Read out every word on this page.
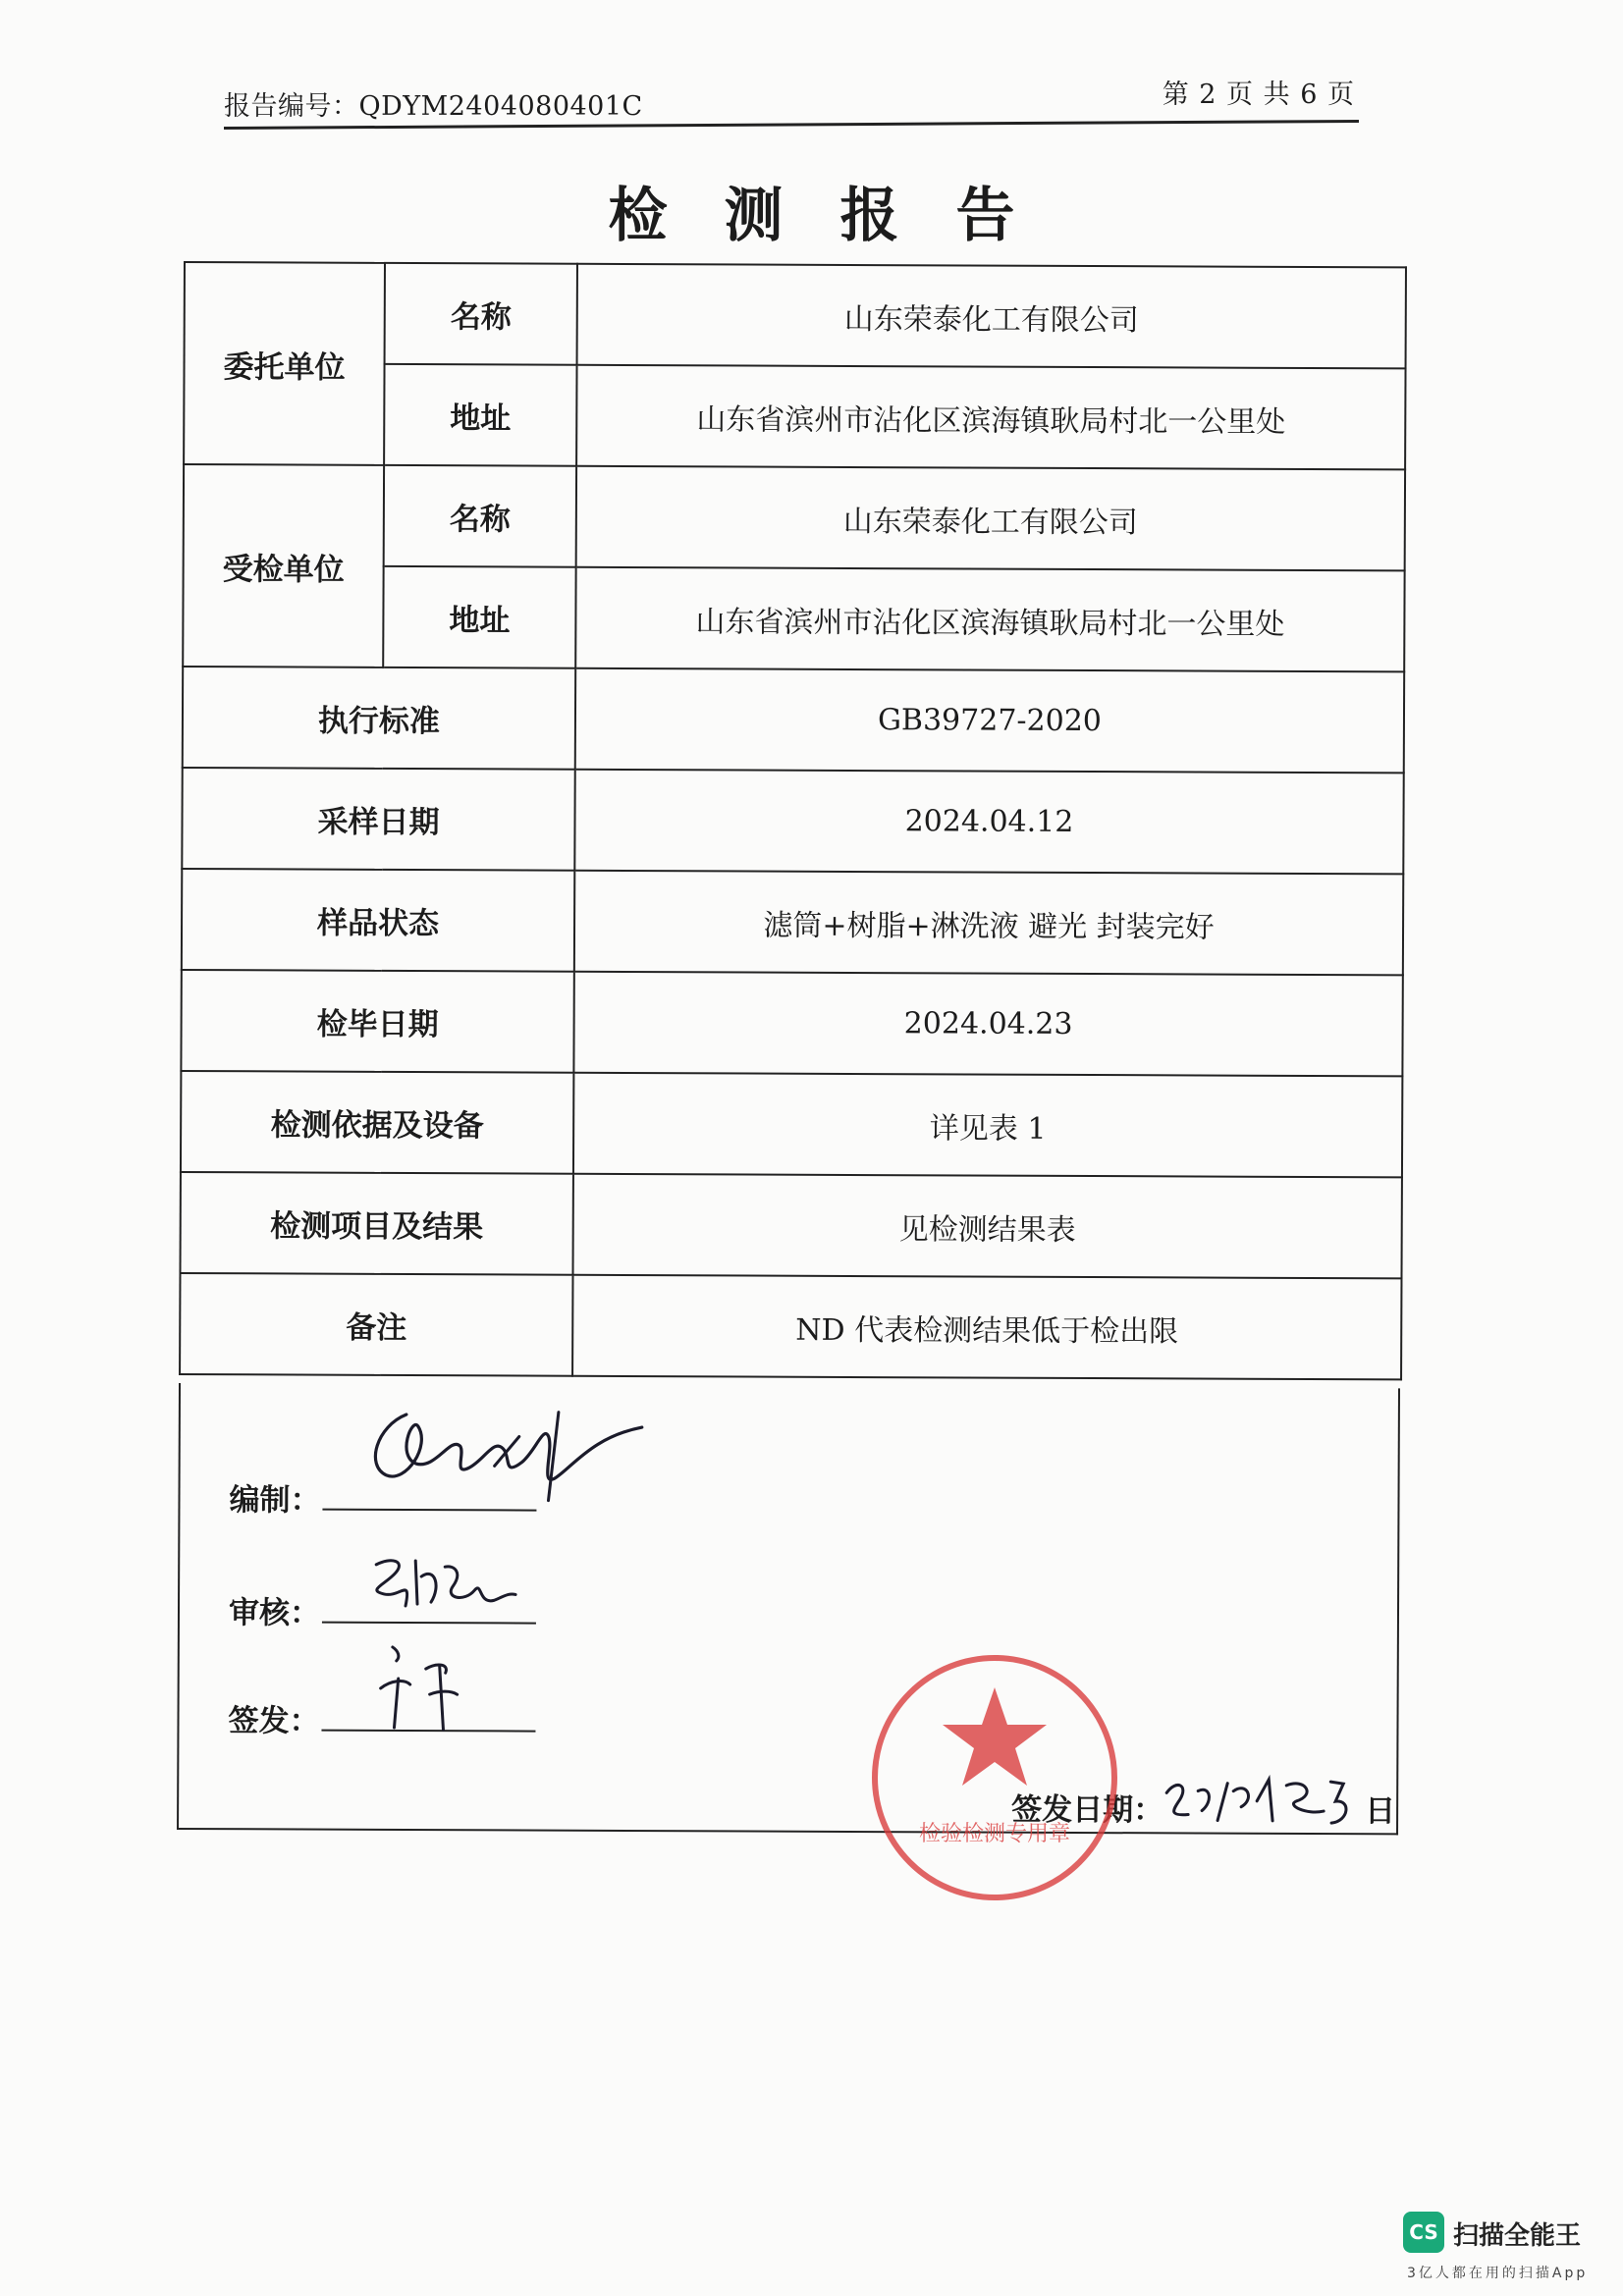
报告编号：QDYM2404080401C	第 2 页 共 6 页
检测报告
委托单位	名称	山东荣泰化工有限公司
	地址	山东省滨州市沾化区滨海镇耿局村北一公里处
受检单位	名称	山东荣泰化工有限公司
	地址	山东省滨州市沾化区滨海镇耿局村北一公里处
执行标准		GB39727-2020
采样日期		2024.04.12
样品状态		滤筒+树脂+淋洗液 避光 封装完好
检毕日期		2024.04.23
检测依据及设备		详见表 1
检测项目及结果		见检测结果表
备注		ND 代表检测结果低于检出限
编制：
审核：
签发：
签发日期：	日
检验检测专用章
CS 扫描全能王
3亿人都在用的扫描App
